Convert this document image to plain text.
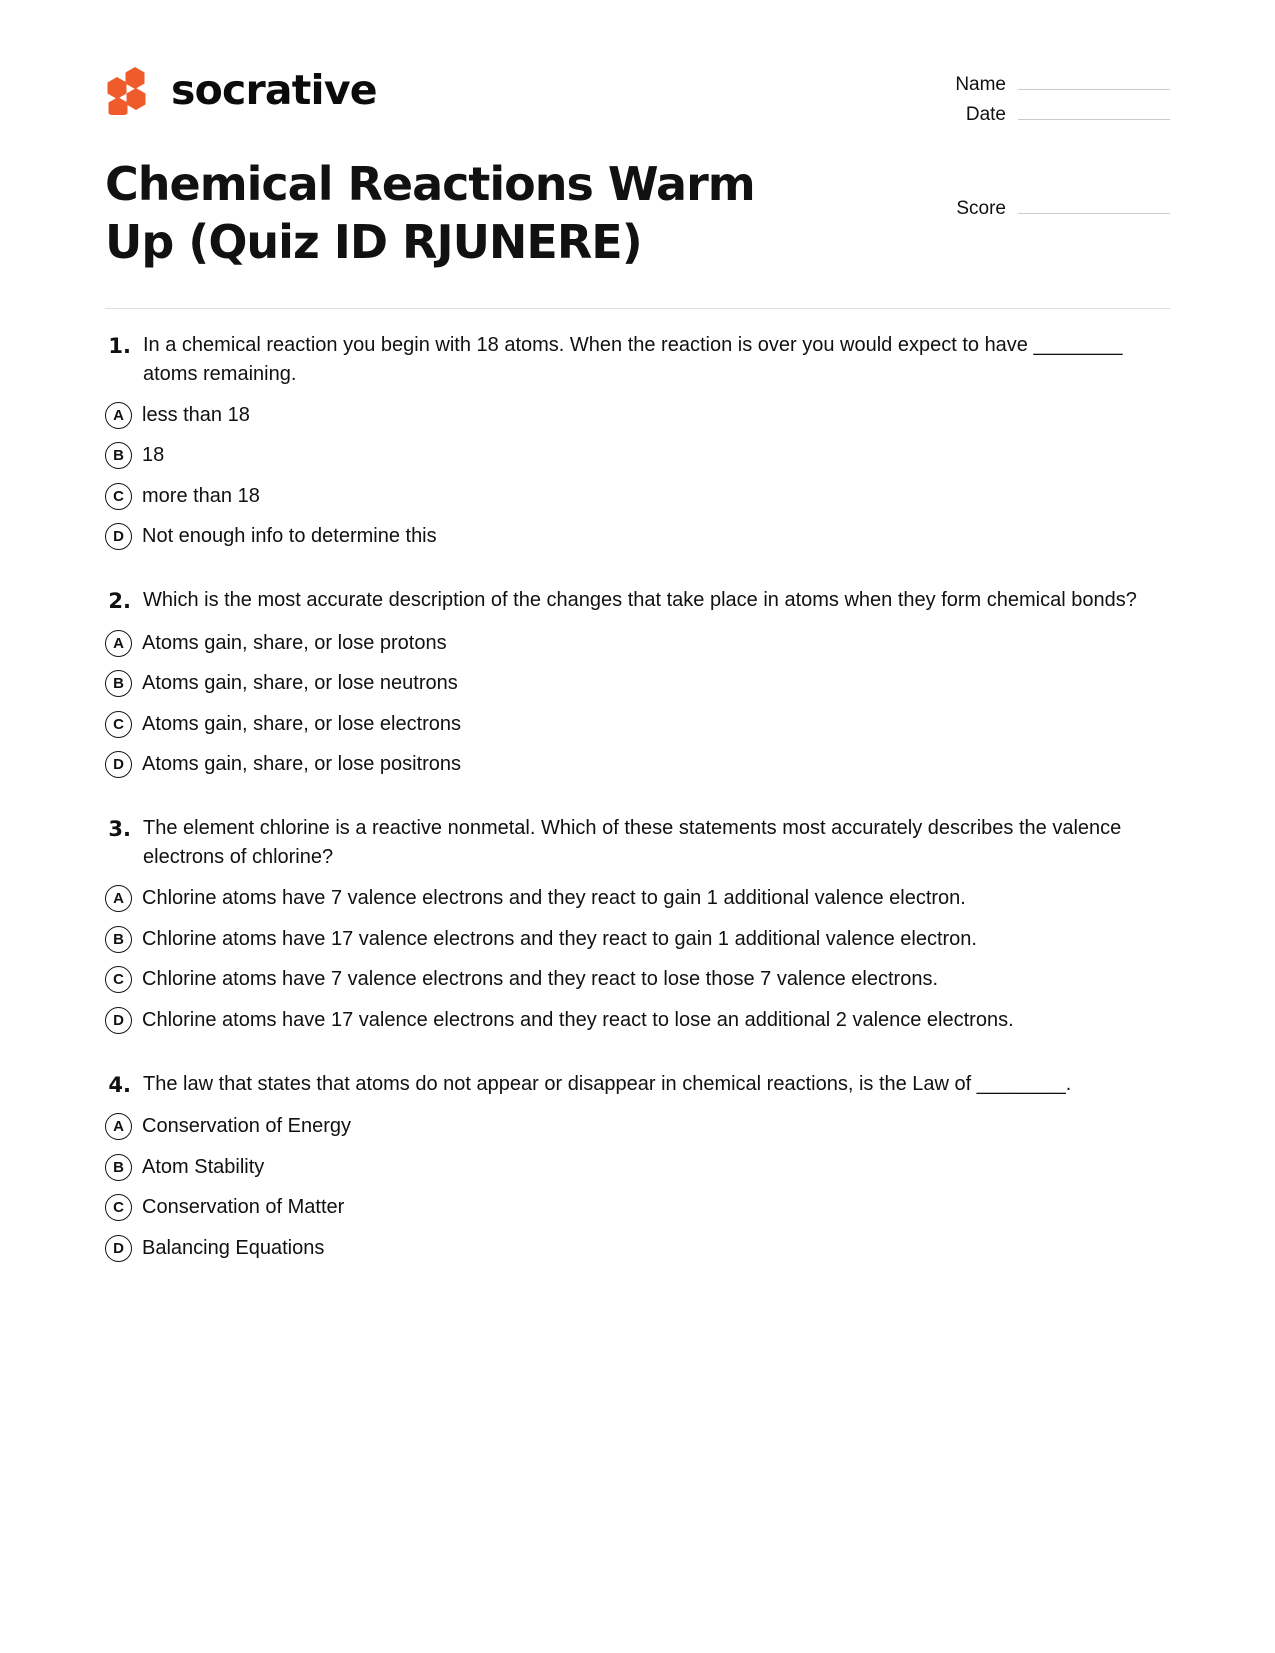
socrative	Name
Date
Chemical Reactions Warm Up (Quiz ID RJUNERE)
Score
1. In a chemical reaction you begin with 18 atoms. When the reaction is over you would expect to have ________ atoms remaining.
A less than 18
B 18
C more than 18
D Not enough info to determine this
2. Which is the most accurate description of the changes that take place in atoms when they form chemical bonds?
A Atoms gain, share, or lose protons
B Atoms gain, share, or lose neutrons
C Atoms gain, share, or lose electrons
D Atoms gain, share, or lose positrons
3. The element chlorine is a reactive nonmetal. Which of these statements most accurately describes the valence electrons of chlorine?
A Chlorine atoms have 7 valence electrons and they react to gain 1 additional valence electron.
B Chlorine atoms have 17 valence electrons and they react to gain 1 additional valence electron.
C Chlorine atoms have 7 valence electrons and they react to lose those 7 valence electrons.
D Chlorine atoms have 17 valence electrons and they react to lose an additional 2 valence electrons.
4. The law that states that atoms do not appear or disappear in chemical reactions, is the Law of ________.
A Conservation of Energy
B Atom Stability
C Conservation of Matter
D Balancing Equations
